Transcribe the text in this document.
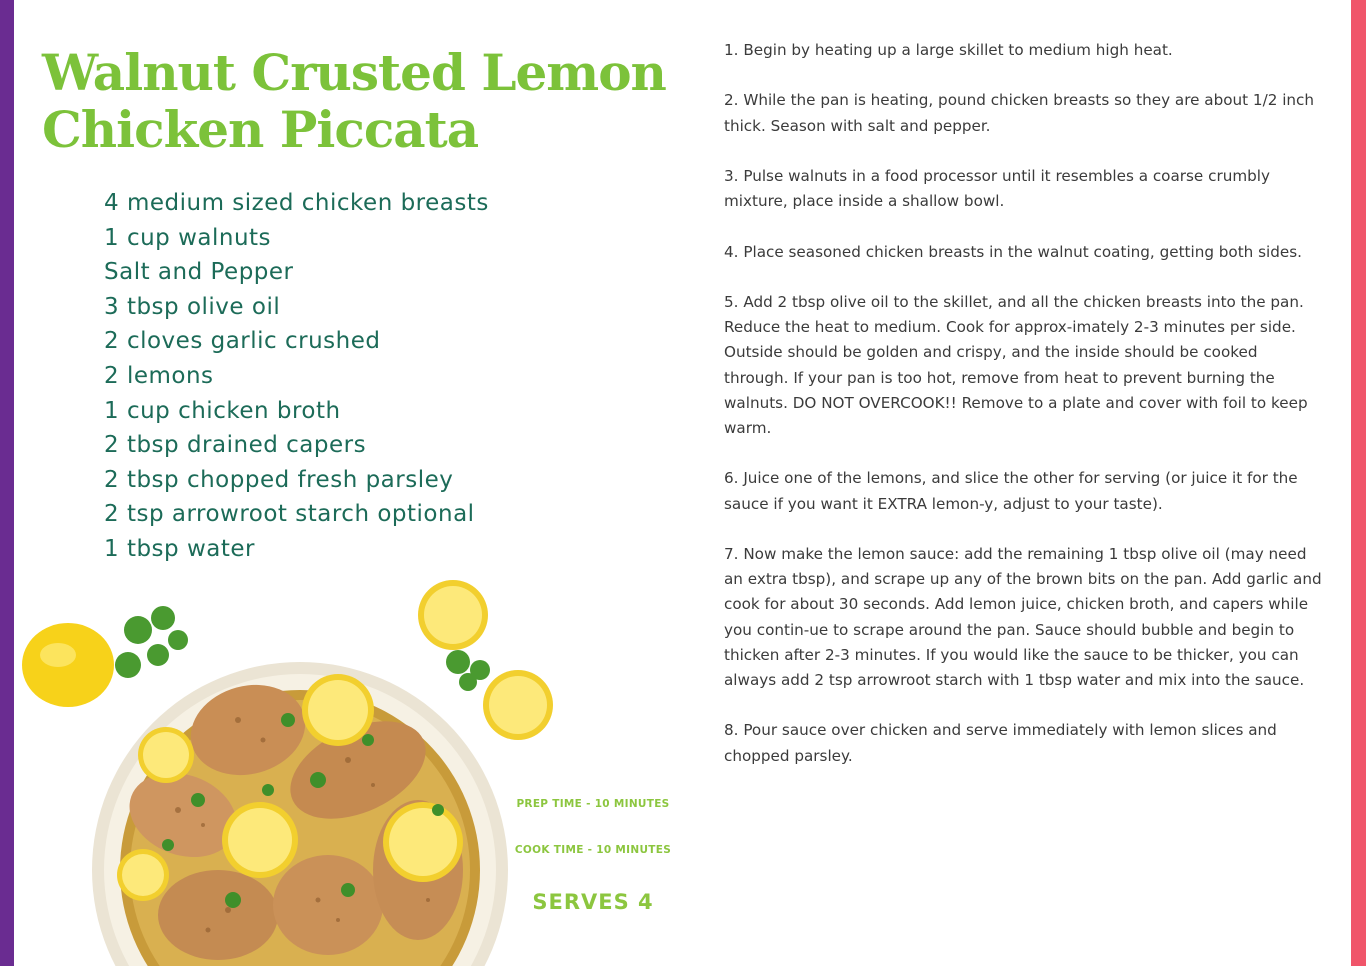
Walnut Crusted Lemon
Chicken Piccata
4 medium sized chicken breasts
1 cup walnuts
Salt and Pepper
3 tbsp olive oil
2 cloves garlic crushed
2 lemons
1 cup chicken broth
2 tbsp drained capers
2 tbsp chopped fresh parsley
2 tsp arrowroot starch optional
1 tbsp water
PREP TIME - 10 MINUTES
COOK TIME - 10 MINUTES
SERVES 4

1. Begin by heating up a large skillet to medium high heat.

2. While the pan is heating, pound chicken breasts so they are about 1/2 inch thick. Season with salt and pepper.

3. Pulse walnuts in a food processor until it resembles a coarse crumbly mixture, place inside a shallow bowl.

4. Place seasoned chicken breasts in the walnut coating, getting both sides.

5. Add 2 tbsp olive oil to the skillet, and all the chicken breasts into the pan. Reduce the heat to medium. Cook for approx-imately 2-3 minutes per side. Outside should be golden and crispy, and the inside should be cooked through. If your pan is too hot, remove from heat to prevent burning the walnuts. DO NOT OVERCOOK!! Remove to a plate and cover with foil to keep warm.

6. Juice one of the lemons, and slice the other for serving (or juice it for the sauce if you want it EXTRA lemon-y, adjust to your taste).

7. Now make the lemon sauce: add the remaining 1 tbsp olive oil (may need an extra tbsp), and scrape up any of the brown bits on the pan. Add garlic and cook for about 30 seconds. Add lemon juice, chicken broth, and capers while you contin-ue to scrape around the pan. Sauce should bubble and begin to thicken after 2-3 minutes. If you would like the sauce to be thicker, you can always add 2 tsp arrowroot starch with 1 tbsp water and mix into the sauce.

8. Pour sauce over chicken and serve immediately with lemon slices and chopped parsley.
